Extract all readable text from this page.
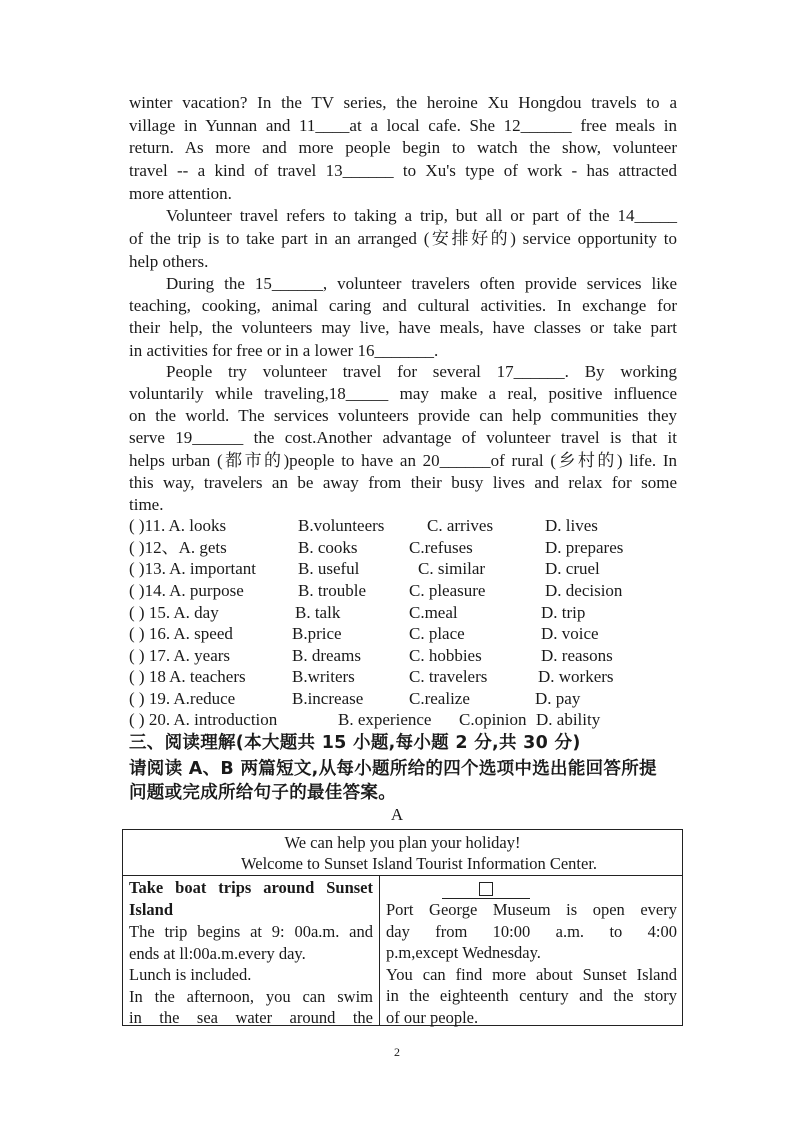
winter vacation? In the TV series, the heroine Xu Hongdou travels to a
village in Yunnan and 11____at a local cafe. She 12______ free meals in
return. As more and more people begin to watch the show, volunteer
travel -- a kind of travel 13______ to Xu's type of work - has attracted
more attention.
Volunteer travel refers to taking a trip, but all or part of the 14_____
of the trip is to take part in an arranged (安排好的) service opportunity to
help others.
During the 15______, volunteer travelers often provide services like
teaching, cooking, animal caring and cultural activities. In exchange for
their help, the volunteers may live, have meals, have classes or take part
in activities for free or in a lower 16_______.
People try volunteer travel for several 17______. By working
voluntarily while traveling,18_____ may make a real, positive influence
on the world. The services volunteers provide can help communities they
serve 19______ the cost.Another advantage of volunteer travel is that it
helps urban (都市的)people to have an 20______of rural (乡村的) life. In
this way, travelers an be away from their busy lives and relax for some
time.
( )11. A. looks	B.volunteers	C. arrives	D. lives
( )12、A. gets	B. cooks	C.refuses	D. prepares
( )13. A. important B. useful	C. similar	D. cruel
( )14. A. purpose	B. trouble	C. pleasure	D. decision
( ) 15. A. day	B. talk	C.meal	D. trip
( ) 16. A. speed	B.price	C. place	D. voice
( ) 17. A. years	B. dreams	C. hobbies	D. reasons
( ) 18 A. teachers	B.writers	C. travelers	D. workers
( ) 19. A.reduce	B.increase	C.realize	D. pay
( ) 20. A. introduction	B. experience C.opinion D. ability
三、阅读理解(本大题共 15 小题,每小题 2 分,共 30 分)
请阅读 A、B 两篇短文,从每小题所给的四个选项中选出能回答所提
问题或完成所给句子的最佳答案。
A
We can help you plan your holiday!
Welcome to Sunset Island Tourist Information Center.
Take boat trips around Sunset
Island
The trip begins at 9: 00a.m. and
ends at ll:00a.m.every day.
Lunch is included.
In the afternoon, you can swim
in the sea water around the
Port George Museum is open every
day from 10:00 a.m. to 4:00
p.m,except Wednesday.
You can find more about Sunset Island
in the eighteenth century and the story
of our people.
2
